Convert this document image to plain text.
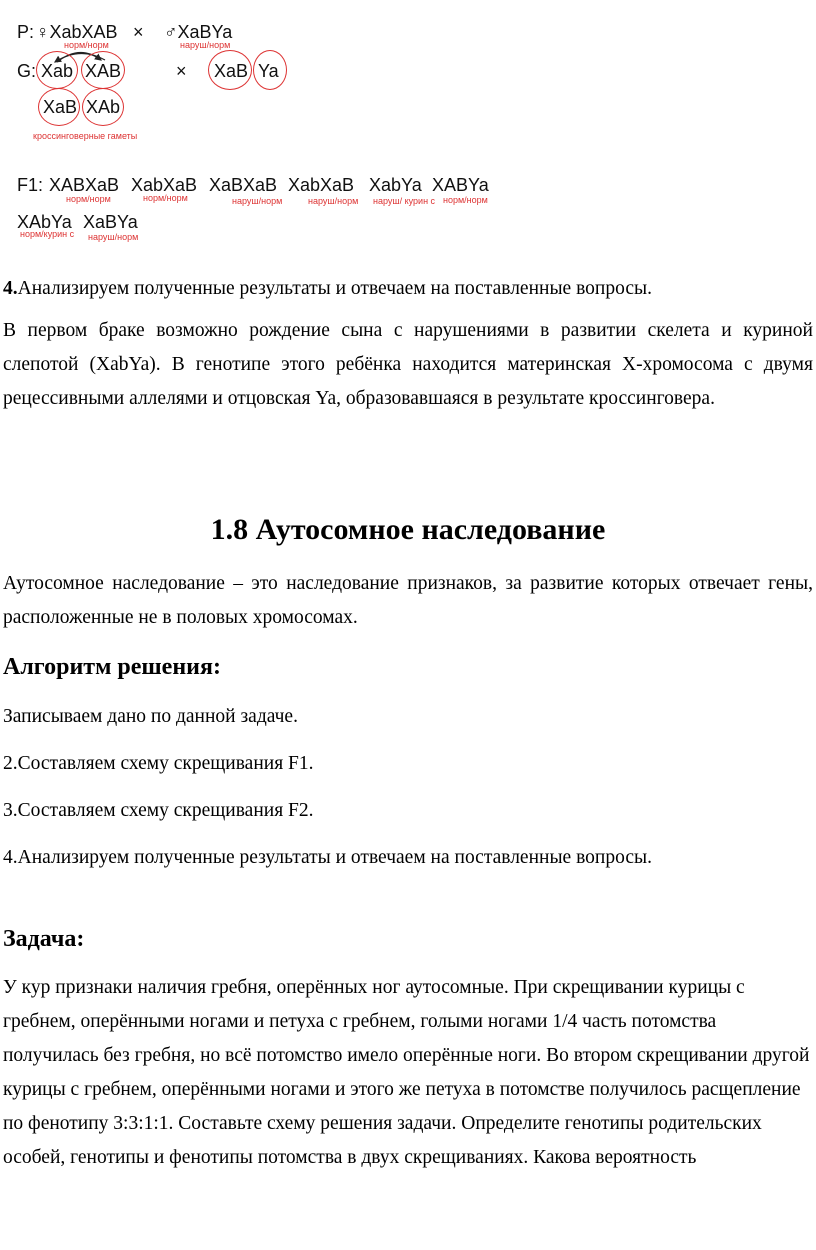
P: ♀XabXAB × ♂XaBYa
норм/норм	наруш/норм
G: Xab XAB	× XaB Ya
XaB XAb
кроссинговерные гаметы
F1: XABXaB XabXaB XaBXaB XabXaB XabYa XABYa
норм/норм	норм/норм	наруш/норм	наруш/норм наруш/ курин с норм/норм
XAbYa XaBYa
норм/курин с наруш/норм

4.Анализируем полученные результаты и отвечаем на поставленные вопросы.

В первом браке возможно рождение сына с нарушениями в развитии скелета и куриной слепотой (XabYa). В генотипе этого ребёнка находится материнская Х-хромосома с двумя рецессивными аллелями и отцовская Ya, образовавшаяся в результате кроссинговера.

1.8 Аутосомное наследование

Аутосомное наследование – это наследование признаков, за развитие которых отвечает гены, расположенные не в половых хромосомах.

Алгоритм решения:

Записываем дано по данной задаче.

2.Составляем схему скрещивания F1.

3.Составляем схему скрещивания F2.

4.Анализируем полученные результаты и отвечаем на поставленные вопросы.

Задача:

У кур признаки наличия гребня, оперённых ног аутосомные. При скрещивании курицы с гребнем, оперёнными ногами и петуха с гребнем, голыми ногами 1/4 часть потомства получилась без гребня, но всё потомство имело оперённые ноги. Во втором скрещивании другой курицы с гребнем, оперёнными ногами и этого же петуха в потомстве получилось расщепление по фенотипу 3:3:1:1. Составьте схему решения задачи. Определите генотипы родительских особей, генотипы и фенотипы потомства в двух скрещиваниях. Какова вероятность
